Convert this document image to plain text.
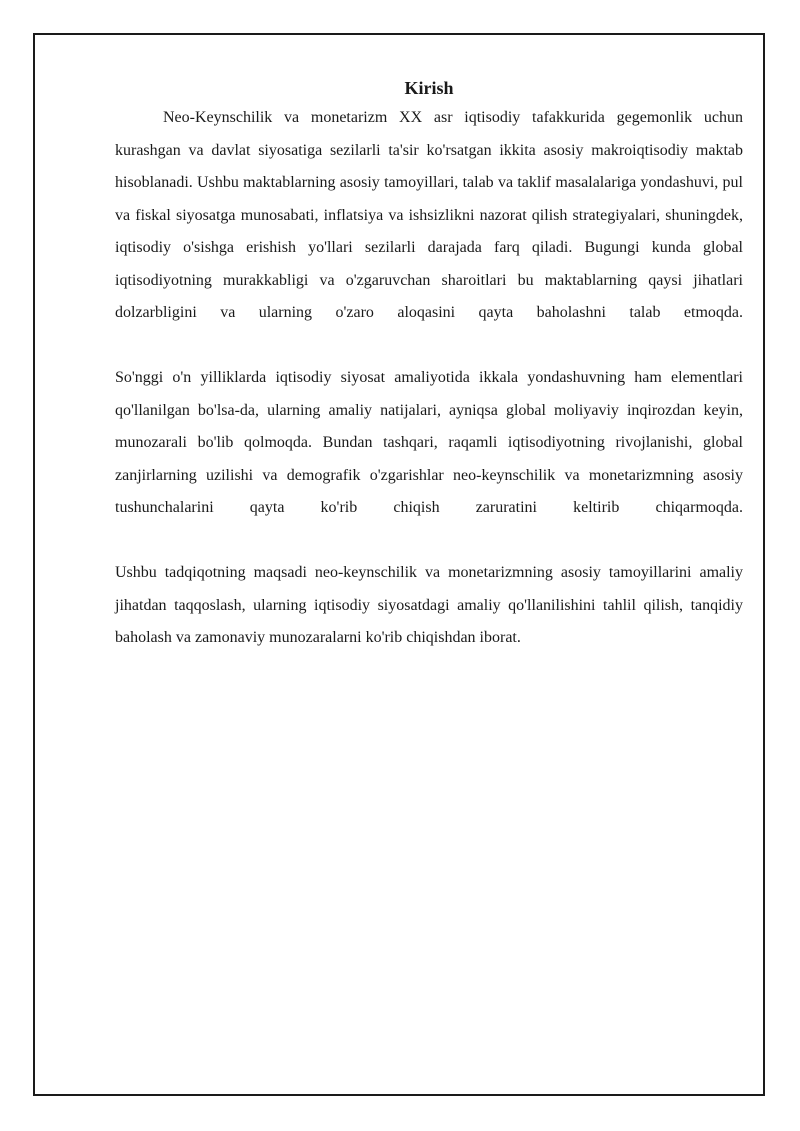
Kirish

Neo-Keynschilik va monetarizm XX asr iqtisodiy tafakkurida gegemonlik uchun kurashgan va davlat siyosatiga sezilarli ta'sir ko'rsatgan ikkita asosiy makroiqtisodiy maktab hisoblanadi. Ushbu maktablarning asosiy tamoyillari, talab va taklif masalalariga yondashuvi, pul va fiskal siyosatga munosabati, inflatsiya va ishsizlikni nazorat qilish strategiyalari, shuningdek, iqtisodiy o'sishga erishish yo'llari sezilarli darajada farq qiladi. Bugungi kunda global iqtisodiyotning murakkabligi va o'zgaruvchan sharoitlari bu maktablarning qaysi jihatlari dolzarbligini va ularning o'zaro aloqasini qayta baholashni talab etmoqda.

So'nggi o'n yilliklarda iqtisodiy siyosat amaliyotida ikkala yondashuvning ham elementlari qo'llanilgan bo'lsa-da, ularning amaliy natijalari, ayniqsa global moliyaviy inqirozdan keyin, munozarali bo'lib qolmoqda. Bundan tashqari, raqamli iqtisodiyotning rivojlanishi, global zanjirlarning uzilishi va demografik o'zgarishlar neo-keynschilik va monetarizmning asosiy tushunchalarini qayta ko'rib chiqish zaruratini keltirib chiqarmoqda.

Ushbu tadqiqotning maqsadi neo-keynschilik va monetarizmning asosiy tamoyillarini amaliy jihatdan taqqoslash, ularning iqtisodiy siyosatdagi amaliy qo'llanilishini tahlil qilish, tanqidiy baholash va zamonaviy munozaralarni ko'rib chiqishdan iborat.
